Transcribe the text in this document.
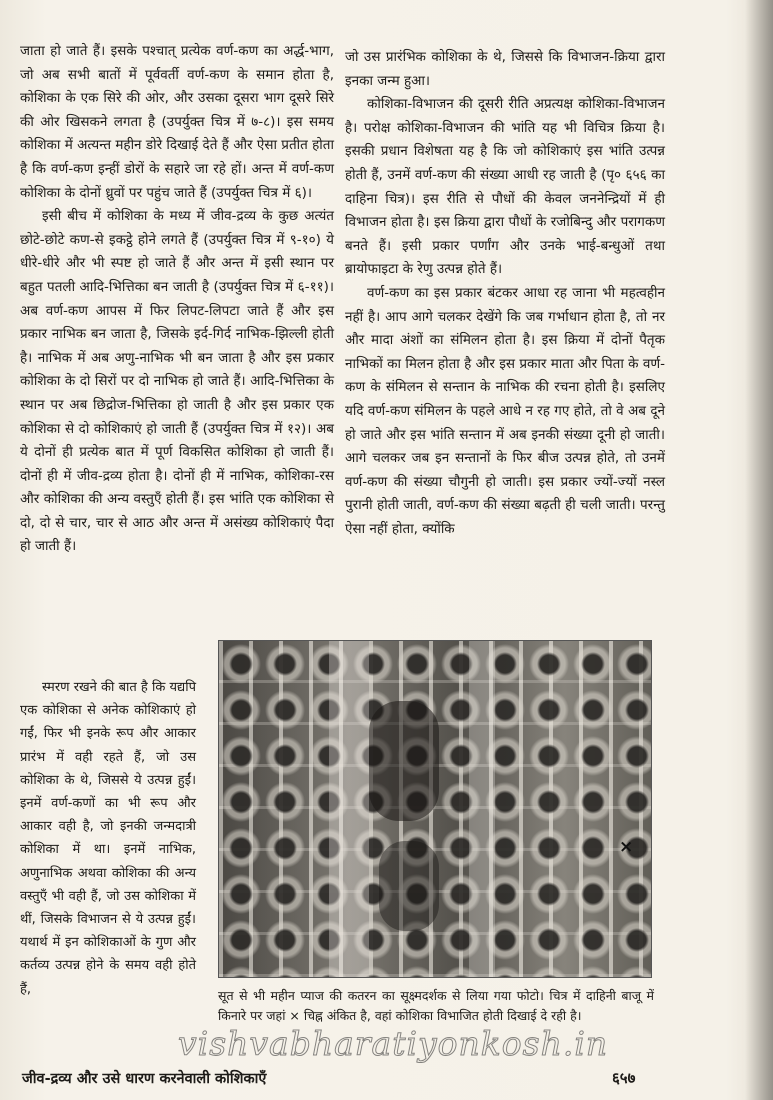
जाता हो जाते हैं। इसके पश्चात् प्रत्येक वर्ण-कण का अर्द्ध-भाग, जो अब सभी बातों में पूर्ववर्ती वर्ण-कण के समान होता है, कोशिका के एक सिरे की ओर, और उसका दूसरा भाग दूसरे सिरे की ओर खिसकने लगता है (उपर्युक्त चित्र में ७-८)। इस समय कोशिका में अत्यन्त महीन डोरे दिखाई देते हैं और ऐसा प्रतीत होता है कि वर्ण-कण इन्हीं डोरों के सहारे जा रहे हों। अन्त में वर्ण-कण कोशिका के दोनों ध्रुवों पर पहुंच जाते हैं (उपर्युक्त चित्र में ६)।

इसी बीच में कोशिका के मध्य में जीव-द्रव्य के कुछ अत्यंत छोटे-छोटे कण-से इकट्ठे होने लगते हैं (उपर्युक्त चित्र में ९-१०) ये धीरे-धीरे और भी स्पष्ट हो जाते हैं और अन्त में इसी स्थान पर बहुत पतली आदि-भित्तिका बन जाती है (उपर्युक्त चित्र में ६-११)। अब वर्ण-कण आपस में फिर लिपट-लिपटा जाते हैं और इस प्रकार नाभिक बन जाता है, जिसके इर्द-गिर्द नाभिक-झिल्ली होती है। नाभिक में अब अणु-नाभिक भी बन जाता है और इस प्रकार कोशिका के दो सिरों पर दो नाभिक हो जाते हैं। आदि-भित्तिका के स्थान पर अब छिद्रोज-भित्तिका हो जाती है और इस प्रकार एक कोशिका से दो कोशिकाएं हो जाती हैं (उपर्युक्त चित्र में १२)। अब ये दोनों ही प्रत्येक बात में पूर्ण विकसित कोशिका हो जाती हैं। दोनों ही में जीव-द्रव्य होता है। दोनों ही में नाभिक, कोशिका-रस और कोशिका की अन्य वस्तुएँ होती हैं। इस भांति एक कोशिका से दो, दो से चार, चार से आठ और अन्त में असंख्य कोशिकाएं पैदा हो जाती हैं।

जो उस प्रारंभिक कोशिका के थे, जिससे कि विभाजन-क्रिया द्वारा इनका जन्म हुआ।

कोशिका-विभाजन की दूसरी रीति अप्रत्यक्ष कोशिका-विभाजन है। परोक्ष कोशिका-विभाजन की भांति यह भी विचित्र क्रिया है। इसकी प्रधान विशेषता यह है कि जो कोशिकाएं इस भांति उत्पन्न होती हैं, उनमें वर्ण-कण की संख्या आधी रह जाती है (पृ० ६५६ का दाहिना चित्र)। इस रीति से पौधों की केवल जननेन्द्रियों में ही विभाजन होता है। इस क्रिया द्वारा पौधों के रजोबिन्दु और परागकण बनते हैं। इसी प्रकार पर्णांग और उनके भाई-बन्धुओं तथा ब्रायोफाइटा के रेणु उत्पन्न होते हैं।

वर्ण-कण का इस प्रकार बंटकर आधा रह जाना भी महत्वहीन नहीं है। आप आगे चलकर देखेंगे कि जब गर्भाधान होता है, तो नर और मादा अंशों का संमिलन होता है। इस क्रिया में दोनों पैतृक नाभिकों का मिलन होता है और इस प्रकार माता और पिता के वर्ण-कण के संमिलन से सन्तान के नाभिक की रचना होती है। इसलिए यदि वर्ण-कण संमिलन के पहले आधे न रह गए होते, तो वे अब दूने हो जाते और इस भांति सन्तान में अब इनकी संख्या दूनी हो जाती। आगे चलकर जब इन सन्तानों के फिर बीज उत्पन्न होते, तो उनमें वर्ण-कण की संख्या चौगुनी हो जाती। इस प्रकार ज्यों-ज्यों नस्ल पुरानी होती जाती, वर्ण-कण की संख्या बढ़ती ही चली जाती। परन्तु ऐसा नहीं होता, क्योंकि

स्मरण रखने की बात है कि यद्यपि एक कोशिका से अनेक कोशिकाएं हो गईं, फिर भी इनके रूप और आकार प्रारंभ में वही रहते हैं, जो उस कोशिका के थे, जिससे ये उत्पन्न हुईं। इनमें वर्ण-कणों का भी रूप और आकार वही है, जो इनकी जन्मदात्री कोशिका में था। इनमें नाभिक, अणुनाभिक अथवा कोशिका की अन्य वस्तुएँ भी वही हैं, जो उस कोशिका में थीं, जिसके विभाजन से ये उत्पन्न हुईं। यथार्थ में इन कोशिकाओं के गुण और कर्तव्य उत्पन्न होने के समय वही होते हैं,

×
सूत से भी महीन प्याज की कतरन का सूक्ष्मदर्शक से लिया गया फोटो। चित्र में दाहिनी बाजू में किनारे पर जहां × चिह्न अंकित है, वहां कोशिका विभाजित होती दिखाई दे रही है।
vishvabharatiyonkosh.in
जीव-द्रव्य और उसे धारण करनेवाली कोशिकाएँ	६५७
